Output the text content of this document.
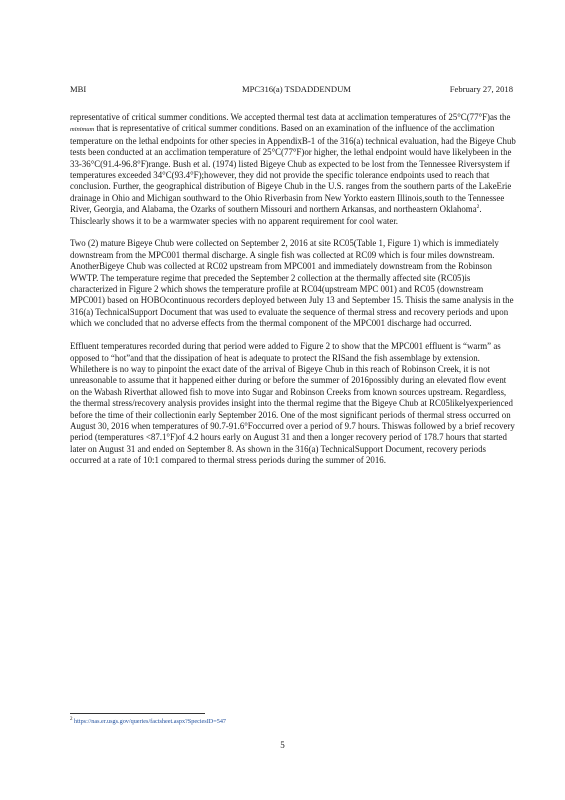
MBI	MPC316(a) TSDADDENDUM	February 27, 2018

representative of critical summer conditions. We accepted thermal test data at acclimation temperatures of 25°C(77°F)as the minimum that is representative of critical summer conditions. Based on an examination of the influence of the acclimation temperature on the lethal endpoints for other species in AppendixB-1 of the 316(a) technical evaluation, had the Bigeye Chub tests been conducted at an acclimation temperature of 25°C(77°F)or higher, the lethal endpoint would have likelybeen in the 33-36°C(91.4-96.8°F)range. Bush et al. (1974) listed Bigeye Chub as expected to be lost from the Tennessee Riversystem if temperatures exceeded 34°C(93.4°F);however, they did not provide the specific tolerance endpoints used to reach that conclusion. Further, the geographical distribution of Bigeye Chub in the U.S. ranges from the southern parts of the LakeErie drainage in Ohio and Michigan southward to the Ohio Riverbasin from New Yorkto eastern Illinois,south to the Tennessee River, Georgia, and Alabama, the Ozarks of southern Missouri and northern Arkansas, and northeastern Oklahoma$^2$. Thisclearly shows it to be a warmwater species with no apparent requirement for cool water.

Two (2) mature Bigeye Chub were collected on September 2, 2016 at site RC05(Table 1, Figure 1) which is immediately downstream from the MPC001 thermal discharge. A single fish was collected at RC09 which is four miles downstream. AnotherBigeye Chub was collected at RC02 upstream from MPC001 and immediately downstream from the Robinson WWTP. The temperature regime that preceded the September 2 collection at the thermally affected site (RC05)is characterized in Figure 2 which shows the temperature profile at RC04(upstream MPC 001) and RC05 (downstream MPC001) based on HOBOcontinuous recorders deployed between July 13 and September 15. Thisis the same analysis in the 316(a) TechnicalSupport Document that was used to evaluate the sequence of thermal stress and recovery periods and upon which we concluded that no adverse effects from the thermal component of the MPC001 discharge had occurred.

Effluent temperatures recorded during that period were added to Figure 2 to show that the MPC001 effluent is “warm” as opposed to “hot”and that the dissipation of heat is adequate to protect the RISand the fish assemblage by extension. Whilethere is no way to pinpoint the exact date of the arrival of Bigeye Chub in this reach of Robinson Creek, it is not unreasonable to assume that it happened either during or before the summer of 2016possibly during an elevated flow event on the Wabash Riverthat allowed fish to move into Sugar and Robinson Creeks from known sources upstream. Regardless, the thermal stress/recovery analysis provides insight into the thermal regime that the Bigeye Chub at RC05likelyexperienced before the time of their collectionin early September 2016. One of the most significant periods of thermal stress occurred on August 30, 2016 when temperatures of 90.7-91.6°Foccurred over a period of 9.7 hours. Thiswas followed by a brief recovery period (temperatures <87.1°F)of 4.2 hours early on August 31 and then a longer recovery period of 178.7 hours that started later on August 31 and ended on September 8. As shown in the 316(a) TechnicalSupport Document, recovery periods occurred at a rate of 10:1 compared to thermal stress periods during the summer of 2016.

$^2$ https://nas.er.usgs.gov/queries/factsheet.aspx?SpeciesID=547
5
